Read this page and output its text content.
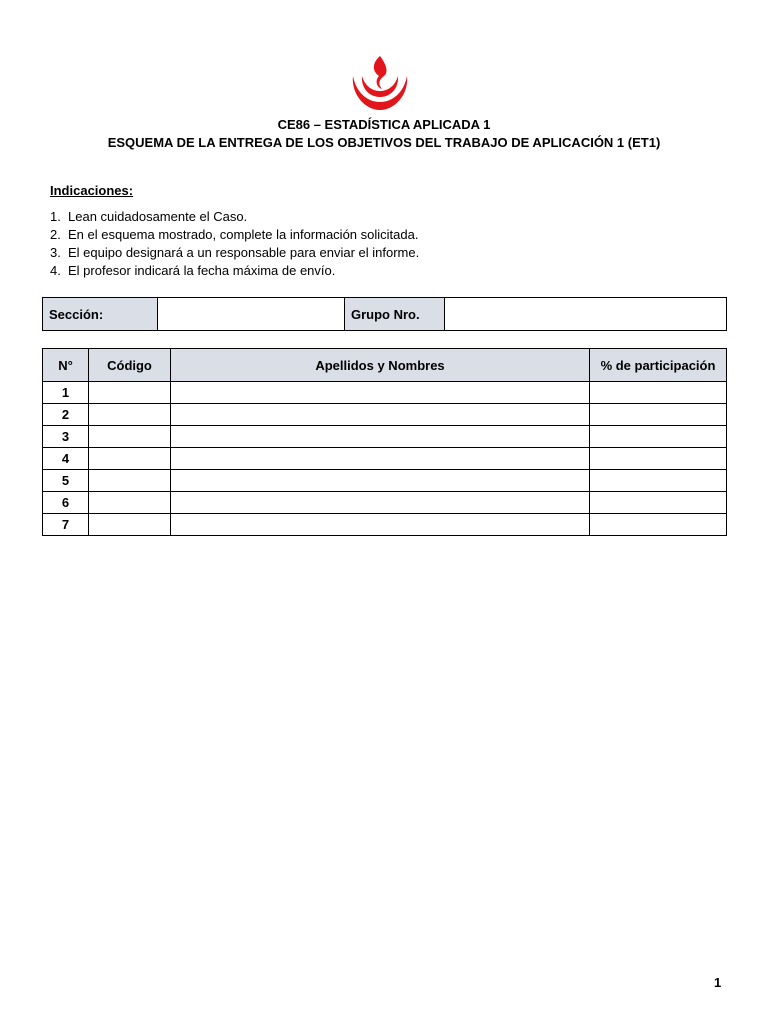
CE86 – ESTADÍSTICA APLICADA 1
ESQUEMA DE LA ENTREGA DE LOS OBJETIVOS DEL TRABAJO DE APLICACIÓN 1 (ET1)
Indicaciones:
1. Lean cuidadosamente el Caso.
2. En el esquema mostrado, complete la información solicitada.
3. El equipo designará a un responsable para enviar el informe.
4. El profesor indicará la fecha máxima de envío.
Sección:		Grupo Nro.	
N°	Código	Apellidos y Nombres	% de participación
1			
2			
3			
4			
5			
6			
7			
1
